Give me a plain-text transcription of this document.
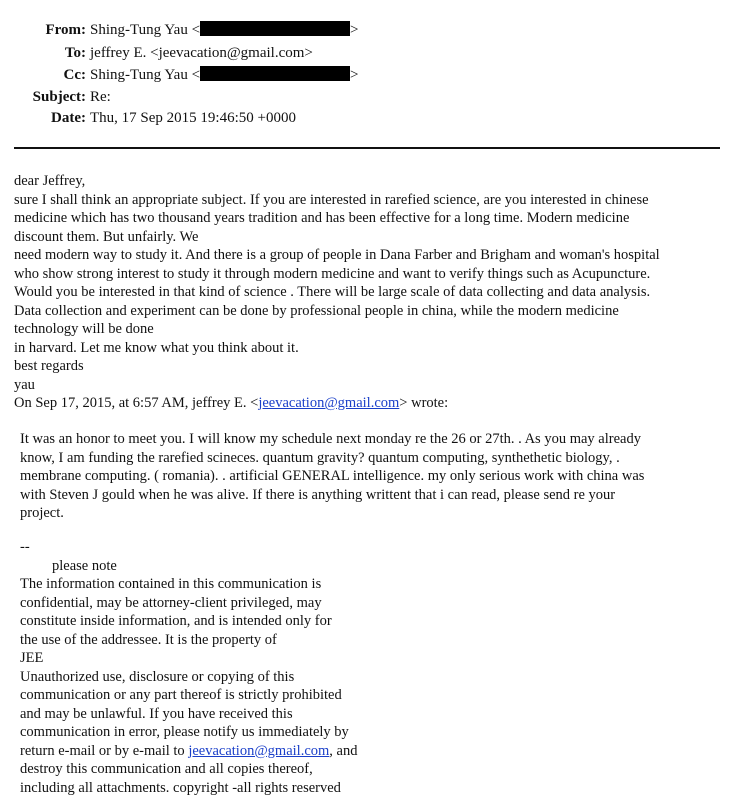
From: Shing-Tung Yau <	>
To: jeffrey E. <jeevacation@gmail.com>
Cc: Shing-Tung Yau <	>
Subject: Re:
Date: Thu, 17 Sep 2015 19:46:50 +0000
dear Jeffrey,
sure I shall think an appropriate subject. If you are interested in rarefied science, are you interested in chinese
medicine which has two thousand years tradition and has been effective for a long time. Modern medicine
discount them. But unfairly. We
need modern way to study it. And there is a group of people in Dana Farber and Brigham and woman's hospital
who show strong interest to study it through modern medicine and want to verify things such as Acupuncture.
Would you be interested in that kind of science . There will be large scale of data collecting and data analysis.
Data collection and experiment can be done by professional people in china, while the modern medicine
technology will be done
in harvard. Let me know what you think about it.
best regards
yau
On Sep 17, 2015, at 6:57 AM, jeffrey E. <jeevacation@gmail.com> wrote:
It was an honor to meet you. I will know my schedule next monday re the 26 or 27th. . As you may already
know, I am funding the rarefied scineces. quantum gravity? quantum computing, synthethetic biology, .
membrane computing. ( romania). . artificial GENERAL intelligence. my only serious work with china was
with Steven J gould when he was alive. If there is anything writtent that i can read, please send re your
project.
--
please note
The information contained in this communication is
confidential, may be attorney-client privileged, may
constitute inside information, and is intended only for
the use of the addressee. It is the property of
JEE
Unauthorized use, disclosure or copying of this
communication or any part thereof is strictly prohibited
and may be unlawful. If you have received this
communication in error, please notify us immediately by
return e-mail or by e-mail to jeevacation@gmail.com, and
destroy this communication and all copies thereof,
including all attachments. copyright -all rights reserved
